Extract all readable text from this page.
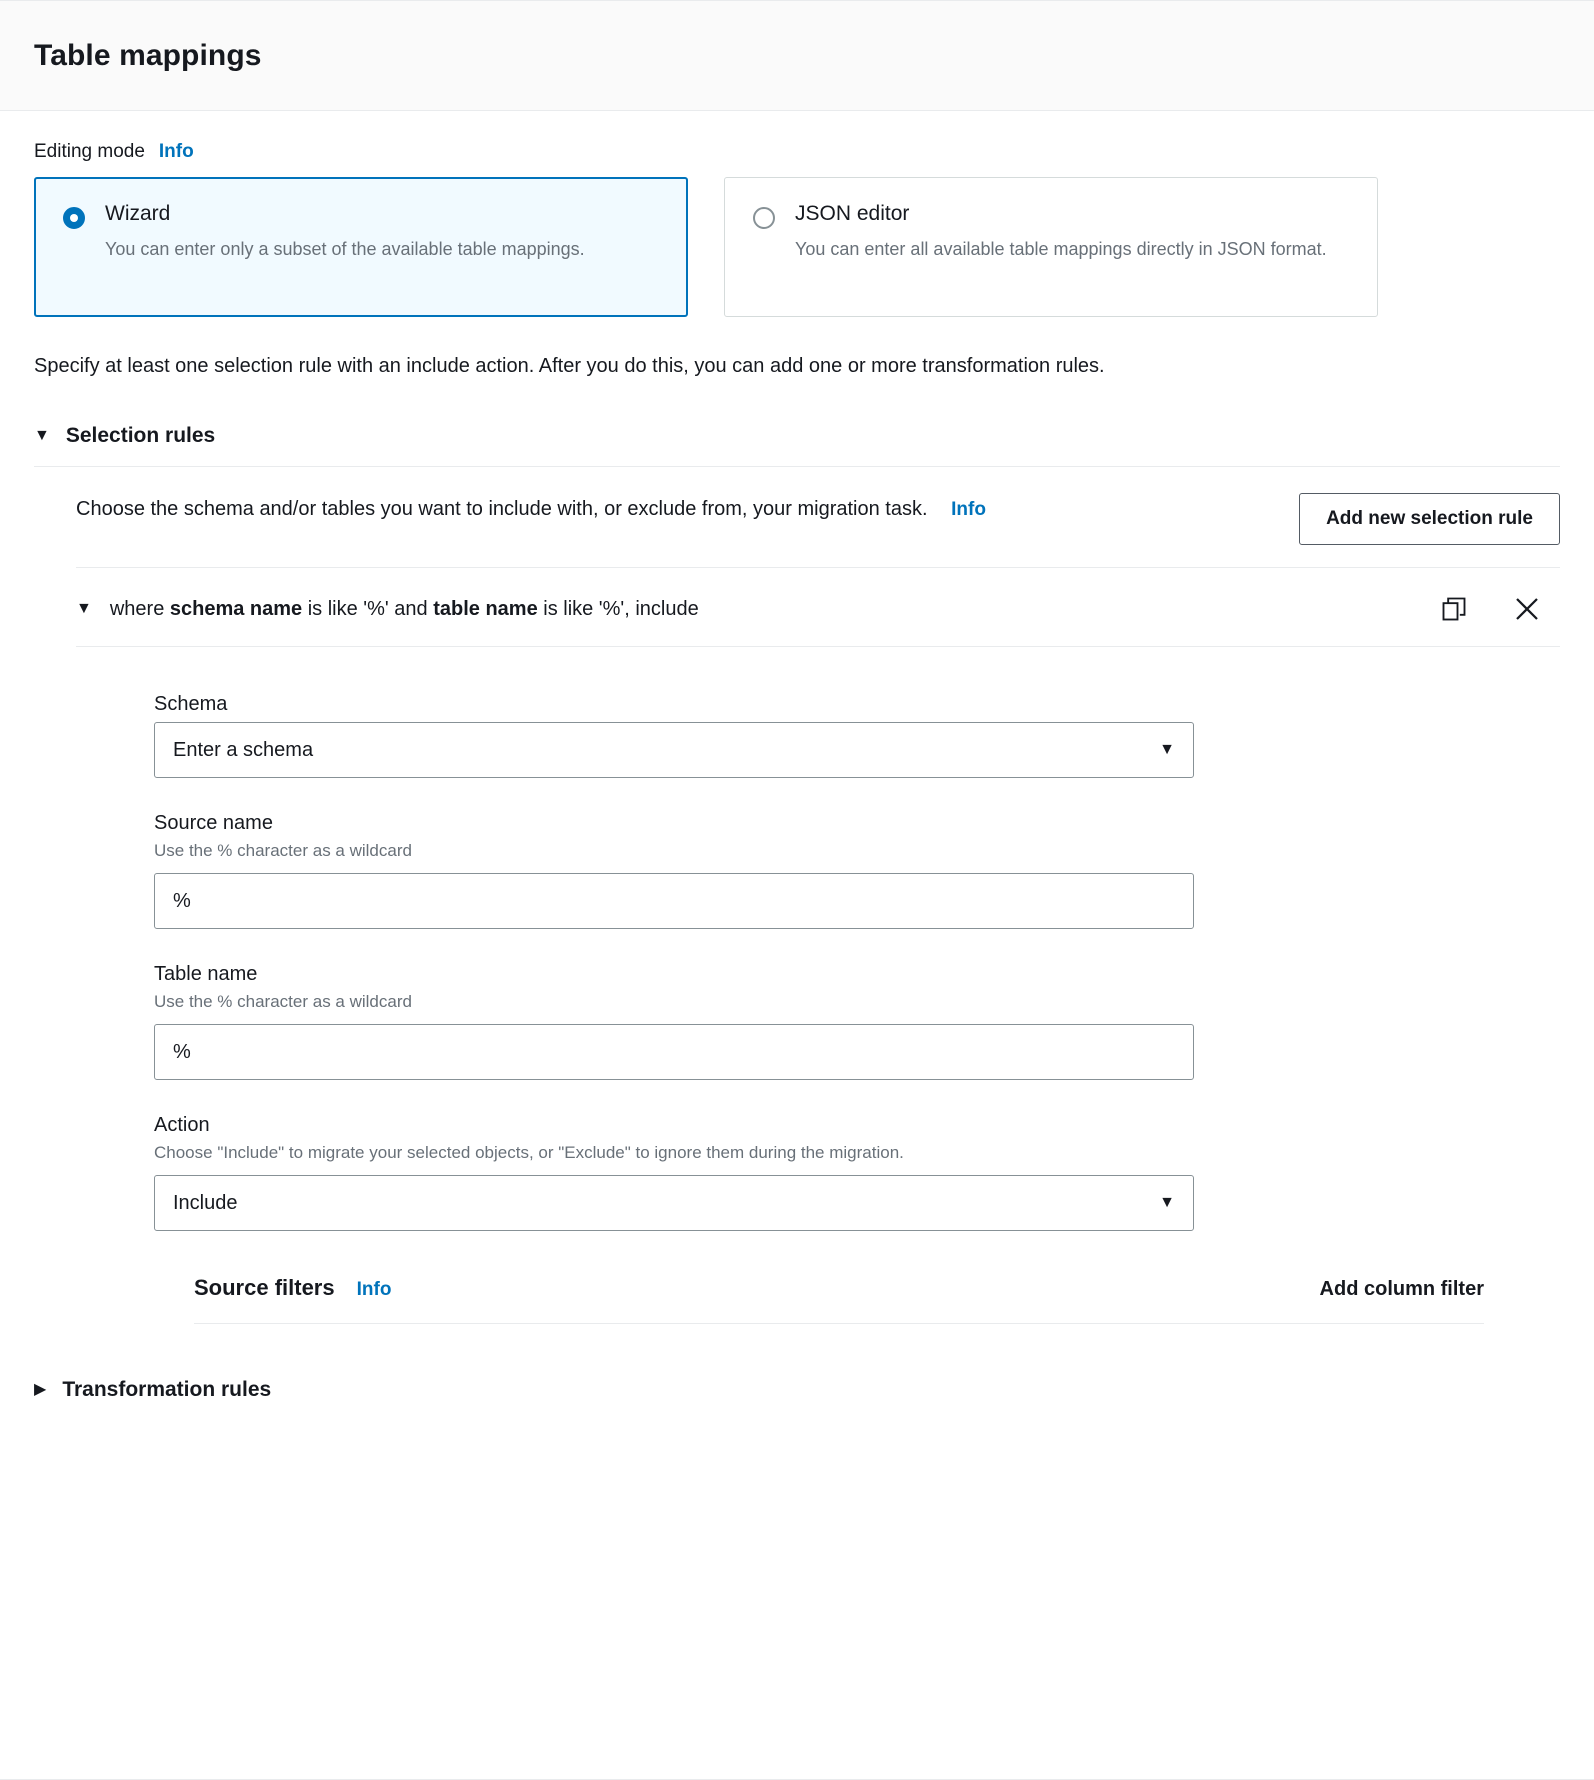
Table mappings
Editing mode Info
Wizard
You can enter only a subset of the available table mappings.
JSON editor
You can enter all available table mappings directly in JSON format.
Specify at least one selection rule with an include action. After you do this, you can add one or more transformation rules.
▼ Selection rules
Choose the schema and/or tables you want to include with, or exclude from, your migration task. Info	Add new selection rule
▼ where schema name is like '%' and table name is like '%', include
Schema
Enter a schema	▼
Source name
Use the % character as a wildcard
%
Table name
Use the % character as a wildcard
%
Action
Choose "Include" to migrate your selected objects, or "Exclude" to ignore them during the migration.
Include	▼
Source filters Info	Add column filter
▶ Transformation rules
